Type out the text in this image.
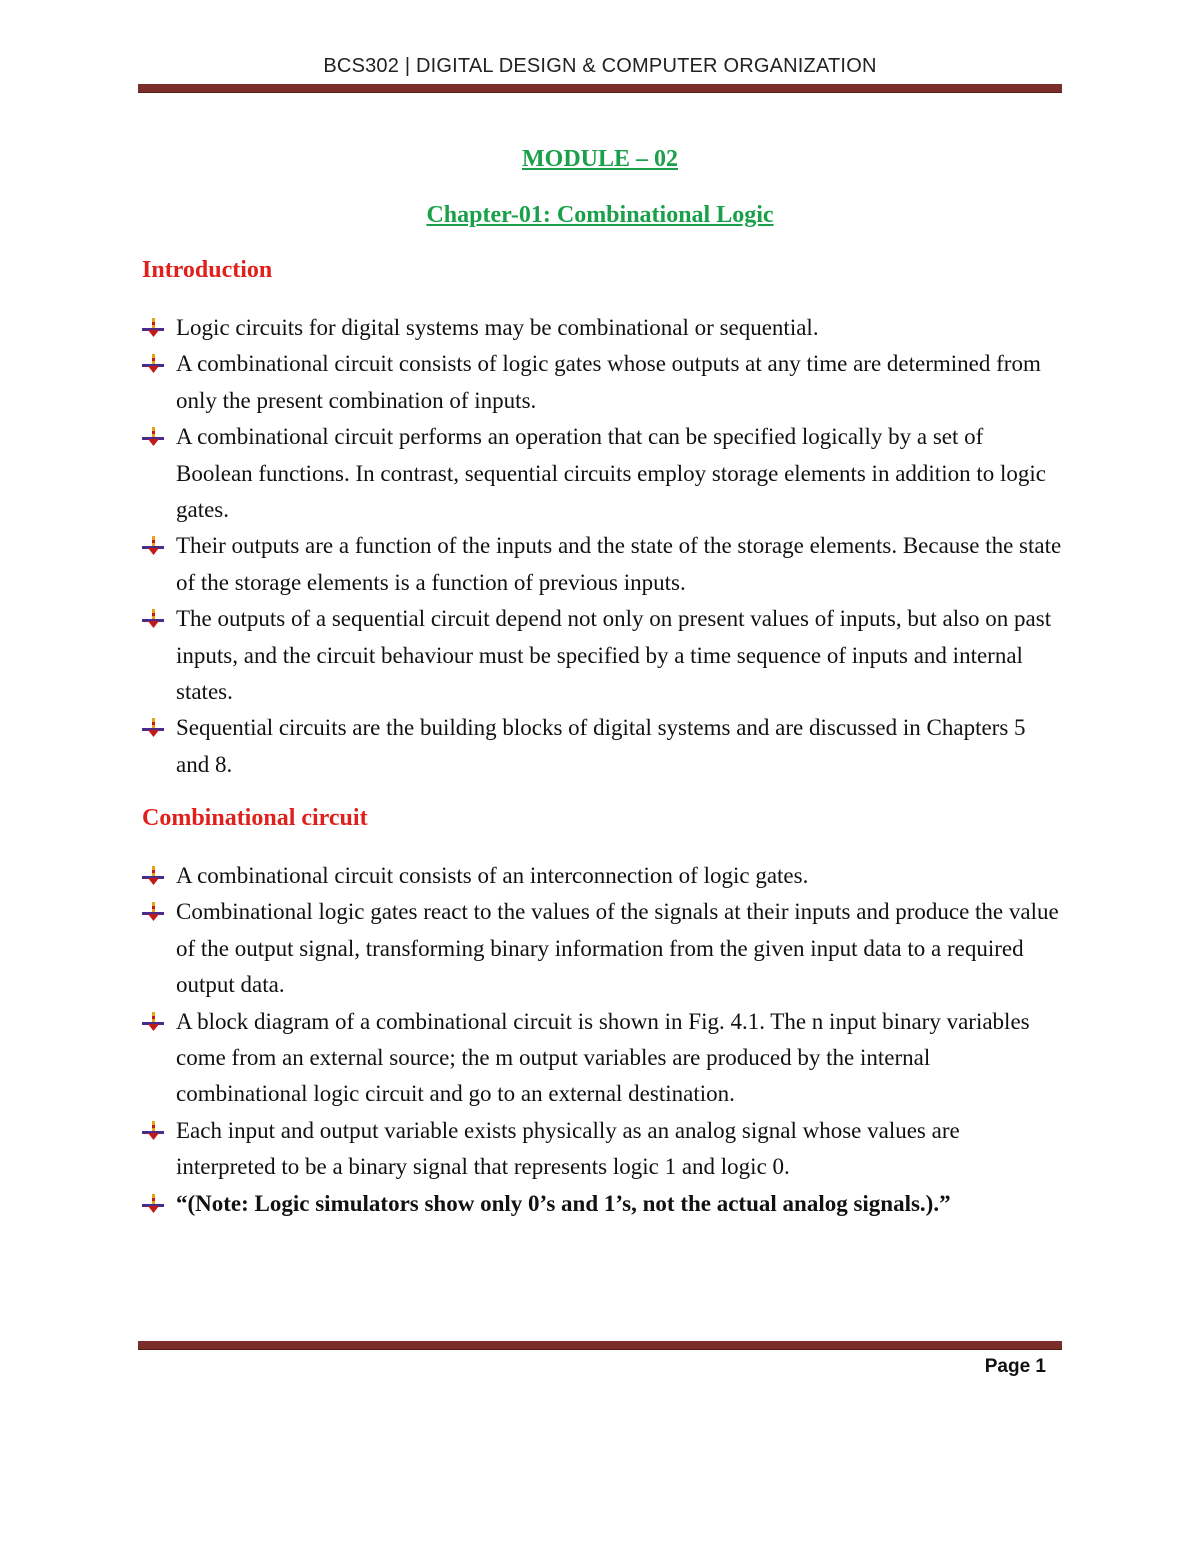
BCS302 | DIGITAL DESIGN & COMPUTER ORGANIZATION
MODULE – 02
Chapter-01: Combinational Logic
Introduction
Logic circuits for digital systems may be combinational or sequential.
A combinational circuit consists of logic gates whose outputs at any time are determined from only the present combination of inputs.
A combinational circuit performs an operation that can be specified logically by a set of Boolean functions. In contrast, sequential circuits employ storage elements in addition to logic gates.
Their outputs are a function of the inputs and the state of the storage elements. Because the state of the storage elements is a function of previous inputs.
The outputs of a sequential circuit depend not only on present values of inputs, but also on past inputs, and the circuit behaviour must be specified by a time sequence of inputs and internal states.
Sequential circuits are the building blocks of digital systems and are discussed in Chapters 5 and 8.
Combinational circuit
A combinational circuit consists of an interconnection of logic gates.
Combinational logic gates react to the values of the signals at their inputs and produce the value of the output signal, transforming binary information from the given input data to a required output data.
A block diagram of a combinational circuit is shown in Fig. 4.1. The n input binary variables come from an external source; the m output variables are produced by the internal combinational logic circuit and go to an external destination.
Each input and output variable exists physically as an analog signal whose values are interpreted to be a binary signal that represents logic 1 and logic 0.
“(Note: Logic simulators show only 0’s and 1’s, not the actual analog signals.).”
Page 1
